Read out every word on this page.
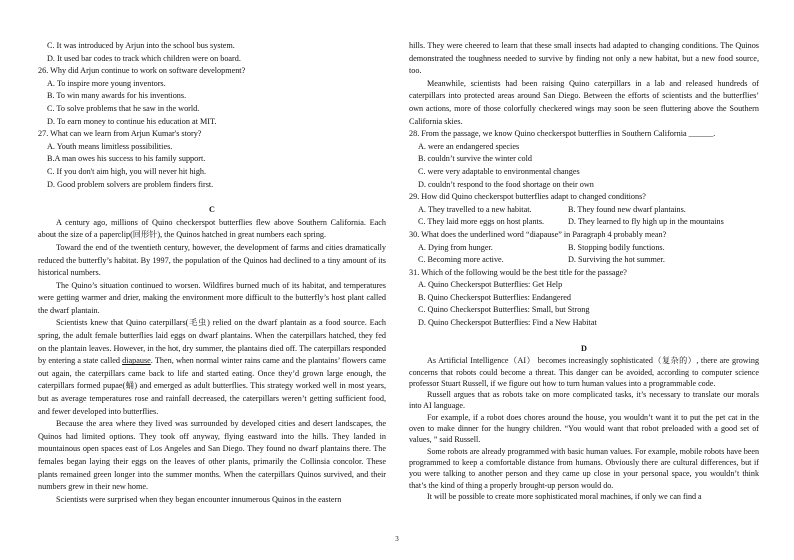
C. It was introduced by Arjun into the school bus system.
D. It used bar codes to track which children were on board.
26. Why did Arjun continue to work on software development?
A. To inspire more young inventors.
B. To win many awards for his inventions.
C. To solve problems that he saw in the world.
D. To earn money to continue his education at MIT.
27. What can we learn from Arjun Kumar's story?
A. Youth means limitless possibilities.
B.A man owes his success to his family support.
C. If you don't aim high, you will never hit high.
D. Good problem solvers are problem finders first.
C
A century ago, millions of Quino checkerspot butterflies flew above Southern California. Each about the size of a paperclip(回形针), the Quinos hatched in great numbers each spring.
Toward the end of the twentieth century, however, the development of farms and cities dramatically reduced the butterfly’s habitat. By 1997, the population of the Quinos had declined to a tiny amount of its historical numbers.
The Quino’s situation continued to worsen. Wildfires burned much of its habitat, and temperatures were getting warmer and drier, making the environment more difficult to the butterfly’s host plant called the dwarf plantain.
Scientists knew that Quino caterpillars(毛虫) relied on the dwarf plantain as a food source. Each spring, the adult female butterflies laid eggs on dwarf plantains. When the caterpillars hatched, they fed on the plantain leaves. However, in the hot, dry summer, the plantains died off. The caterpillars responded by entering a state called diapause. Then, when normal winter rains came and the plantains’ flowers came out again, the caterpillars came back to life and started eating. Once they’d grown large enough, the caterpillars formed pupae(蛹) and emerged as adult butterflies. This strategy worked well in most years, but as average temperatures rose and rainfall decreased, the caterpillars weren’t getting sufficient food, and fewer developed into butterflies.
Because the area where they lived was surrounded by developed cities and desert landscapes, the Quinos had limited options. They took off anyway, flying eastward into the hills. They landed in mountainous open spaces east of Los Angeles and San Diego. They found no dwarf plantains there. The females began laying their eggs on the leaves of other plants, primarily the Collinsia concolor. These plants remained green longer into the summer months. When the caterpillars Quinos survived, and their numbers grew in their new home.
Scientists were surprised when they began encounter innumerous Quinos in the eastern
hills. They were cheered to learn that these small insects had adapted to changing conditions. The Quinos demonstrated the toughness needed to survive by finding not only a new habitat, but a new food source, too.
Meanwhile, scientists had been raising Quino caterpillars in a lab and released hundreds of caterpillars into protected areas around San Diego. Between the efforts of scientists and the butterflies’ own actions, more of those colorfully checkered wings may soon be seen fluttering above the Southern California skies.
28. From the passage, we know Quino checkerspot butterflies in Southern California ______.
A. were an endangered species
B. couldn’t survive the winter cold
C. were very adaptable to environmental changes
D. couldn’t respond to the food shortage on their own
29. How did Quino checkerspot butterflies adapt to changed conditions?
A. They travelled to a new habitat.	B. They found new dwarf plantains.
C. They laid more eggs on host plants.	D. They learned to fly high up in the mountains
30. What does the underlined word “diapause” in Paragraph 4 probably mean?
A. Dying from hunger.	B. Stopping bodily functions.
C. Becoming more active.	D. Surviving the hot summer.
31. Which of the following would be the best title for the passage?
A. Quino Checkerspot Butterflies: Get Help
B. Quino Checkerspot Butterflies: Endangered
C. Quino Checkerspot Butterflies: Small, but Strong
D. Quino Checkerspot Butterflies: Find a New Habitat
D
As Artificial Intelligence（AI） becomes increasingly sophisticated（复杂的）, there are growing concerns that robots could become a threat. This danger can be avoided, according to computer science professor Stuart Russell, if we figure out how to turn human values into a programmable code.
Russell argues that as robots take on more complicated tasks, it’s necessary to translate our morals into AI language.
For example, if a robot does chores around the house, you wouldn’t want it to put the pet cat in the oven to make dinner for the hungry children. “You would want that robot preloaded with a good set of values, ” said Russell.
Some robots are already programmed with basic human values. For example, mobile robots have been programmed to keep a comfortable distance from humans. Obviously there are cultural differences, but if you were talking to another person and they came up close in your personal space, you wouldn’t think that’s the kind of thing a properly brought-up person would do.
It will be possible to create more sophisticated moral machines, if only we can find a
3
